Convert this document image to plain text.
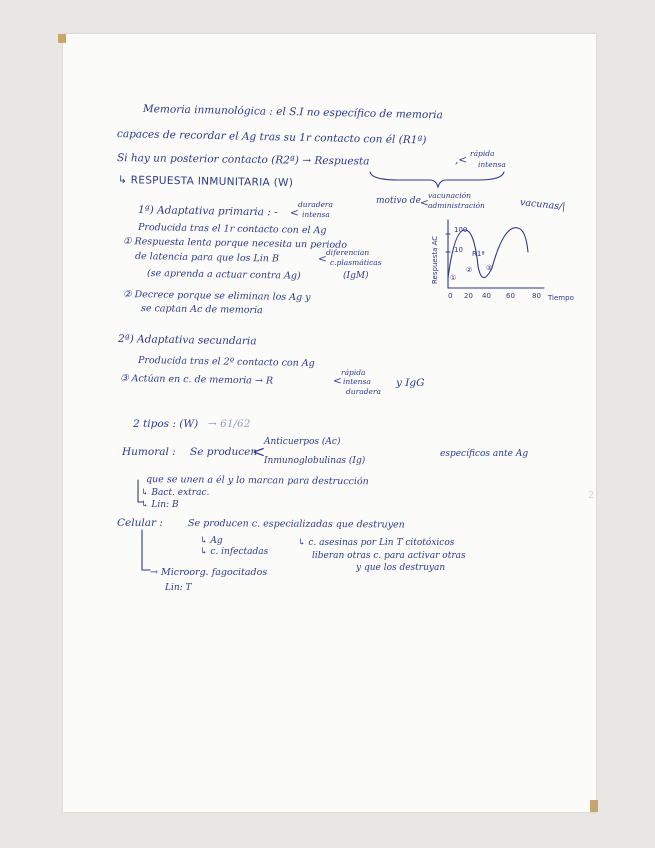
Memoria inmunológica : el S.I no específico de memoria
capaces de recordar el Ag tras su 1r contacto con él (R1ª)
Si hay un posterior contacto (R2ª) → Respuesta	,<
rápida
intensa
↳ RESPUESTA INMUNITARIA (W)
motivo de <
vacunación
administración	vacunas/|
1ª) Adaptativa primaria : - <
duradera
intensa
Producida tras el 1r contacto con el Ag
① Respuesta lenta porque necesita un periodo
de latencia para que los Lin B	<
diferencian
c.plasmáticas
(se aprenda a actuar contra Ag)	(IgM)
② Decrece porque se eliminan los Ag y
se captan Ac de memoria
100
10 R1ª
0 20 40 60 80 Tiempo
①
② ③
Respuesta AC
2ª) Adaptativa secundaria
Producida tras el 2º contacto con Ag
③ Actúan en c. de memoria → R	<
rápida
intensa
duradera
y IgG
2 tipos : (W) → 61/62
Humoral : Se producen
<
Anticuerpos (Ac)
Inmunoglobulinas (Ig)
específicos ante Ag
que se unen a él y lo marcan para destrucción
↳ Bact. extrac.
↳ Lin: B
Celular :	Se producen c. especializadas que destruyen
↳ Ag
↳ c. infectadas
↳ c. asesinas por Lin T citotóxicos
liberan otras c. para activar otras
y que los destruyan
→ Microorg. fagocitados
Lin: T
2
